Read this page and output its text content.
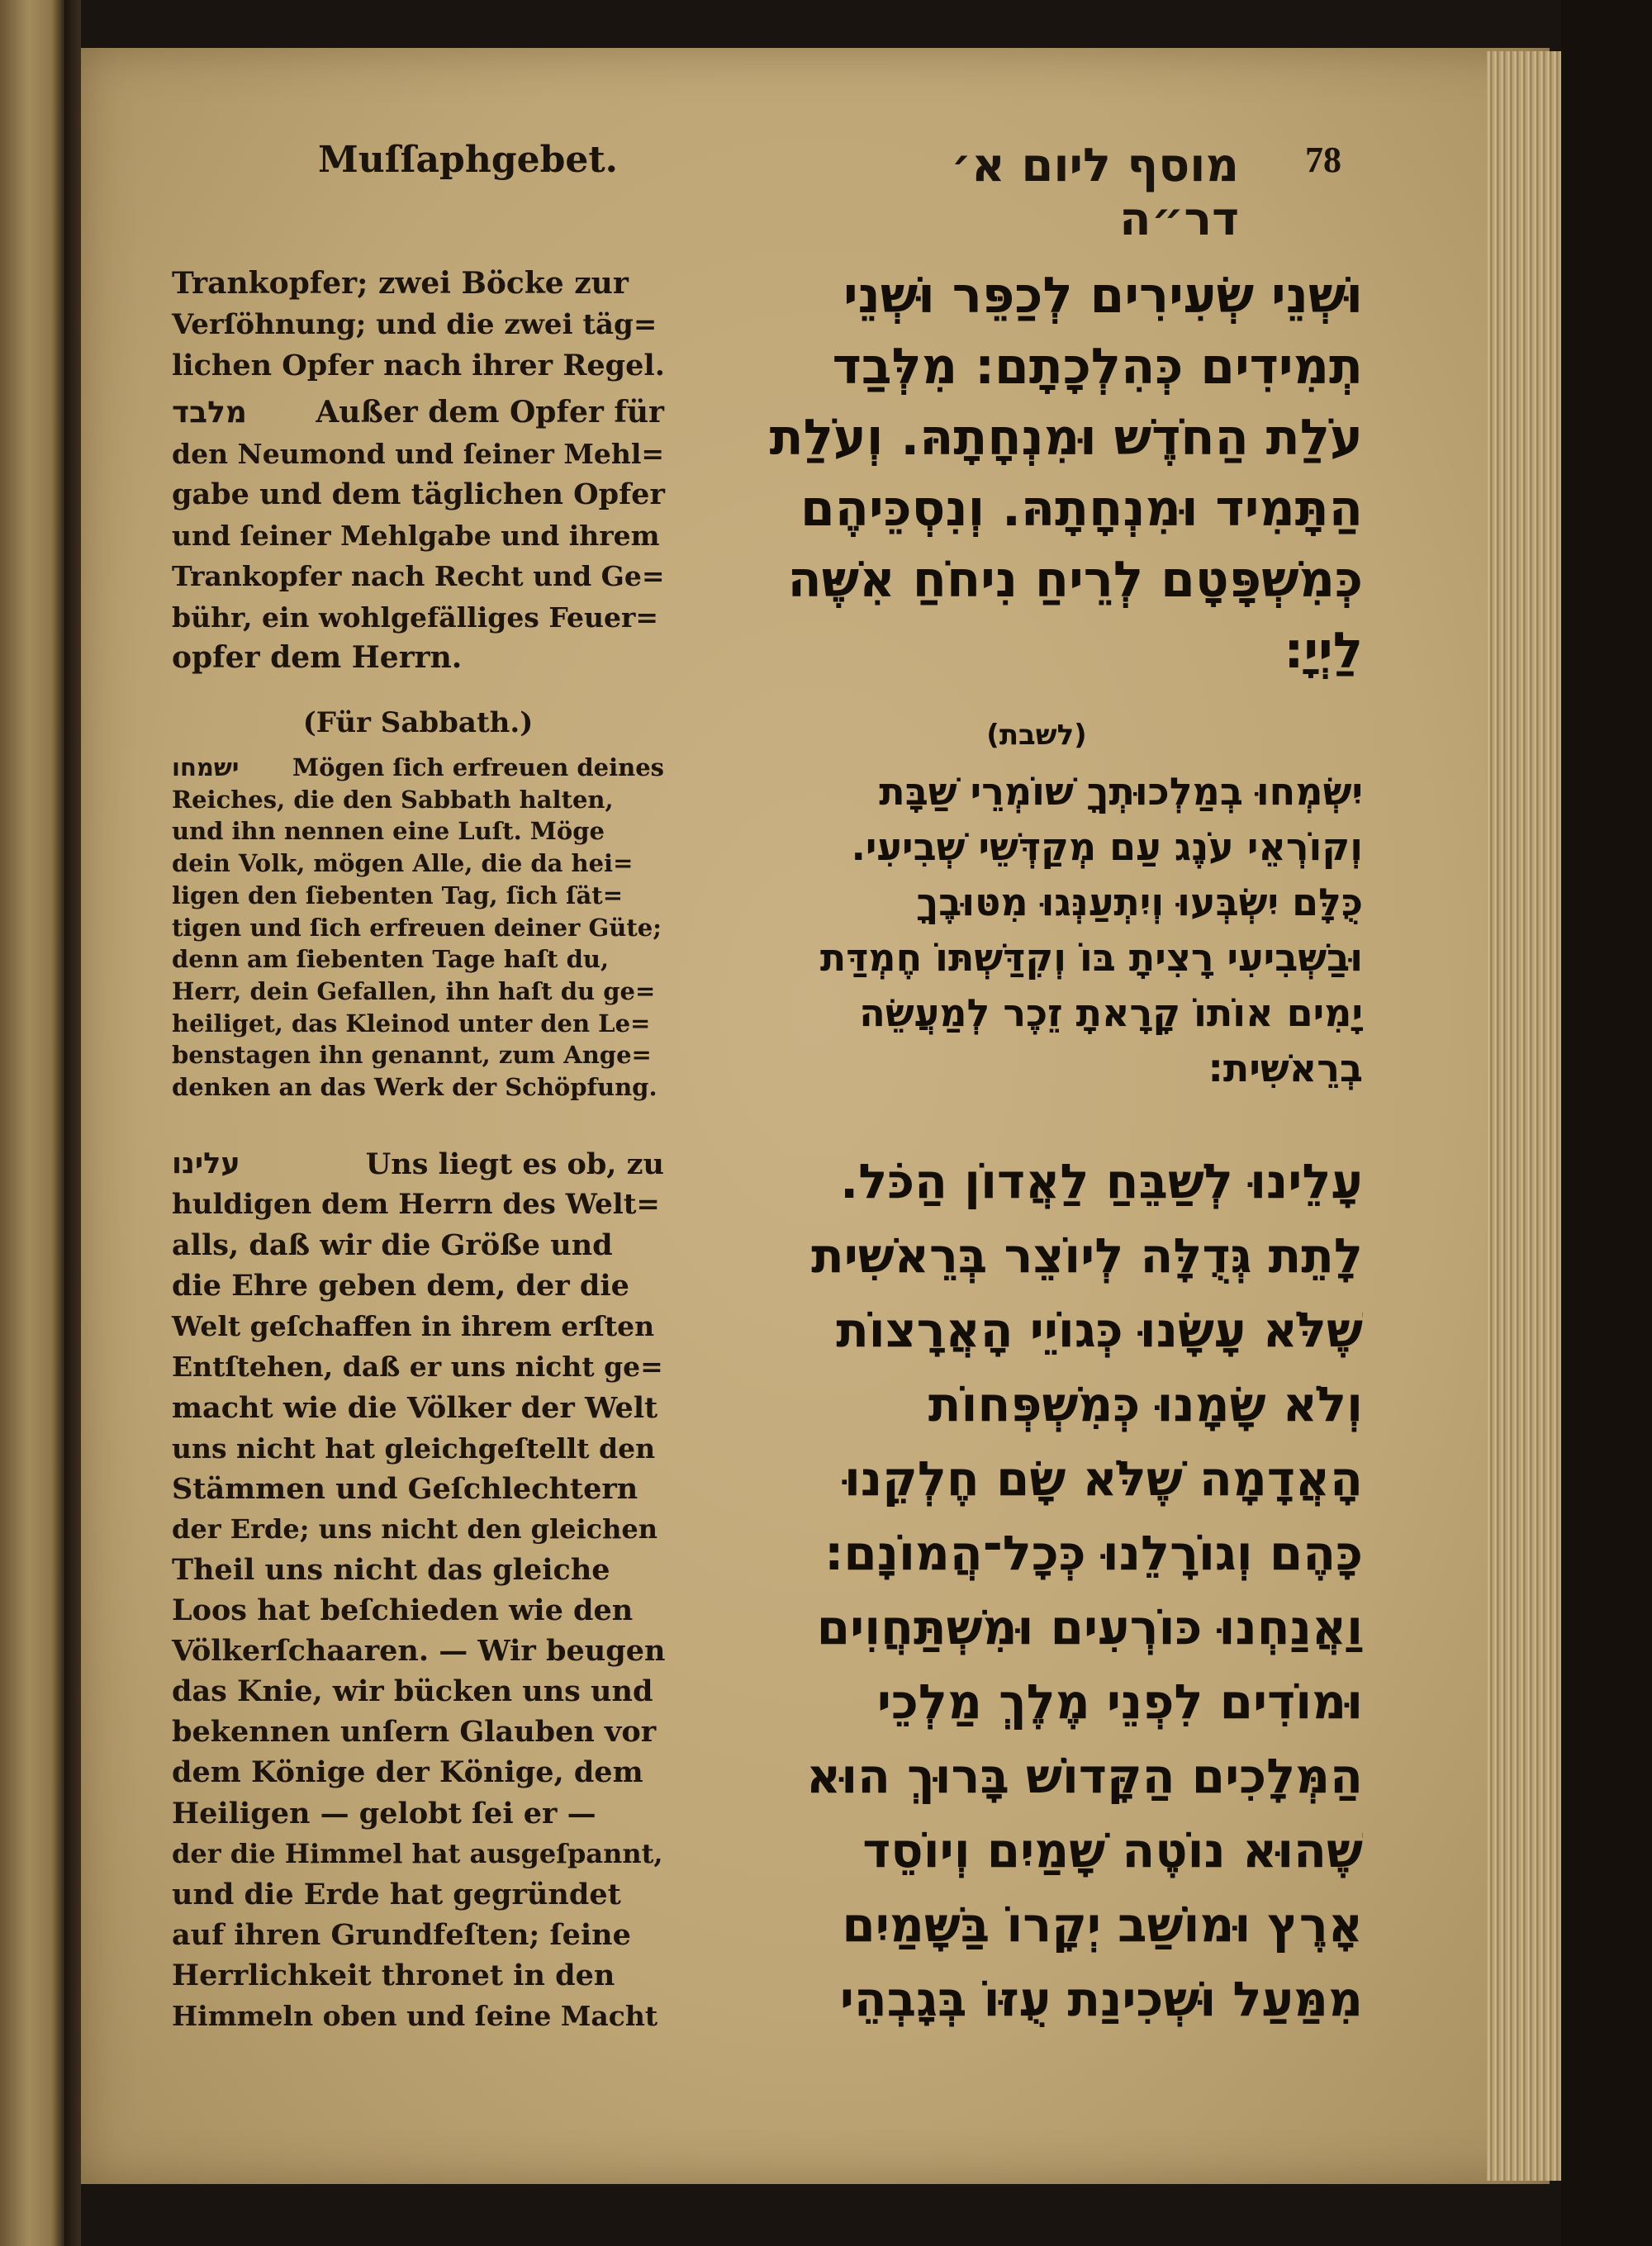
Muſſaphgebet.	מוסף ליום א׳ דר״ה
78
Trankopfer; zwei Böcke zur
Verſöhnung; und die zwei täg=
lichen Opfer nach ihrer Regel.
מלבד Außer dem Opfer für
den Neumond und ſeiner Mehl=
gabe und dem täglichen Opfer
und ſeiner Mehlgabe und ihrem
Trankopfer nach Recht und Ge=
bühr, ein wohlgefälliges Feuer=
opfer dem Herrn.
(Für Sabbath.)
ישמחו Mögen ſich erfreuen deines
Reiches, die den Sabbath halten,
und ihn nennen eine Luſt. Möge
dein Volk, mögen Alle, die da hei=
ligen den ſiebenten Tag, ſich ſät=
tigen und ſich erfreuen deiner Güte;
denn am ſiebenten Tage haſt du,
Herr, dein Gefallen, ihn haſt du ge=
heiliget, das Kleinod unter den Le=
benstagen ihn genannt, zum Ange=
denken an das Werk der Schöpfung.
עלינו	Uns liegt es ob, zu
huldigen dem Herrn des Welt=
alls, daß wir die Größe und
die Ehre geben dem, der die
Welt geſchaffen in ihrem erſten
Entſtehen, daß er uns nicht ge=
macht wie die Völker der Welt
uns nicht hat gleichgeſtellt den
Stämmen und Geſchlechtern
der Erde; uns nicht den gleichen
Theil uns nicht das gleiche
Loos hat beſchieden wie den
Völkerſchaaren. — Wir beugen
das Knie, wir bücken uns und
bekennen unſern Glauben vor
dem Könige der Könige, dem
Heiligen — gelobt ſei er —
der die Himmel hat ausgeſpannt,
und die Erde hat gegründet
auf ihren Grundfeſten; ſeine
Herrlichkeit thronet in den
Himmeln oben und ſeine Macht
וּשְׁנֵי שְׂעִירִים לְכַפֵּר וּשְׁנֵי
תְמִידִים כְּהִלְכָתָם: מִלְּבַד
עֹלַת הַחֹדֶשׁ וּמִנְחָתָהּ. וְעֹלַת
הַתָּמִיד וּמִנְחָתָהּ. וְנִסְכֵּיהֶם
כְּמִשְׁפָּטָם לְרֵיחַ נִיחֹחַ אִשֶּׁה
לַיְיָ:
(לשבת)
יִשְׂמְחוּ בְמַלְכוּתְךָ שׁוֹמְרֵי שַׁבָּת
וְקוֹרְאֵי עֹנֶג עַם מְקַדְּשֵׁי שְׁבִיעִי.
כֻּלָּם יִשְׂבְּעוּ וְיִתְעַנְּגוּ מִטּוּבֶךָ
וּבַשְּׁבִיעִי רָצִיתָ בּוֹ וְקִדַּשְׁתּוֹ חֶמְדַּת
יָמִים אוֹתוֹ קָרָאתָ זֵכֶר לְמַעֲשֵׂה
בְרֵאשִׁית:
עָלֵינוּ לְשַׁבֵּחַ לַאֲדוֹן הַכֹּל.
לָתֵת גְּדֻלָּה לְיוֹצֵר בְּרֵאשִׁית
שֶׁלֹּא עָשָׂנוּ כְּגוֹיֵי הָאֲרָצוֹת
וְלֹא שָׂמָנוּ כְּמִשְׁפְּחוֹת
הָאֲדָמָה שֶׁלֹּא שָׂם חֶלְקֵנוּ
כָּהֶם וְגוֹרָלֵנוּ כְּכָל־הֲמוֹנָם:
וַאֲנַחְנוּ כּוֹרְעִים וּמִשְׁתַּחֲוִים
וּמוֹדִים לִפְנֵי מֶלֶךְ מַלְכֵי
הַמְּלָכִים הַקָּדוֹשׁ בָּרוּךְ הוּא
שֶׁהוּא נוֹטֶה שָׁמַיִם וְיוֹסֵד
אָרֶץ וּמוֹשַׁב יְקָרוֹ בַּשָּׁמַיִם
מִמַּעַל וּשְׁכִינַת עֻזּוֹ בְּגָבְהֵי
